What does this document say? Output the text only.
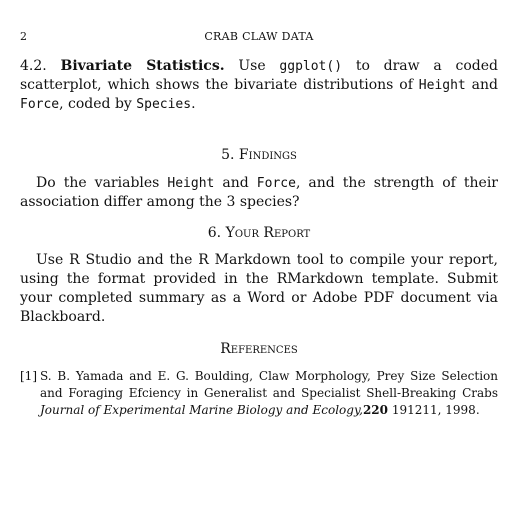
2	CRAB CLAW DATA

4.2. Bivariate Statistics. Use ggplot() to draw a coded scatterplot, which shows the bivariate distributions of Height and Force, coded by Species.

5. Findings

Do the variables Height and Force, and the strength of their association differ among the 3 species?

6. Your Report

Use R Studio and the R Markdown tool to compile your report, using the format provided in the RMarkdown template. Submit your completed summary as a Word or Adobe PDF document via Blackboard.

References
[1] S. B. Yamada and E. G. Boulding, Claw Morphology, Prey Size Selection and Foraging Efciency in Generalist and Specialist Shell-Breaking Crabs Journal of Experimental Marine Biology and Ecology,220 191211, 1998.
